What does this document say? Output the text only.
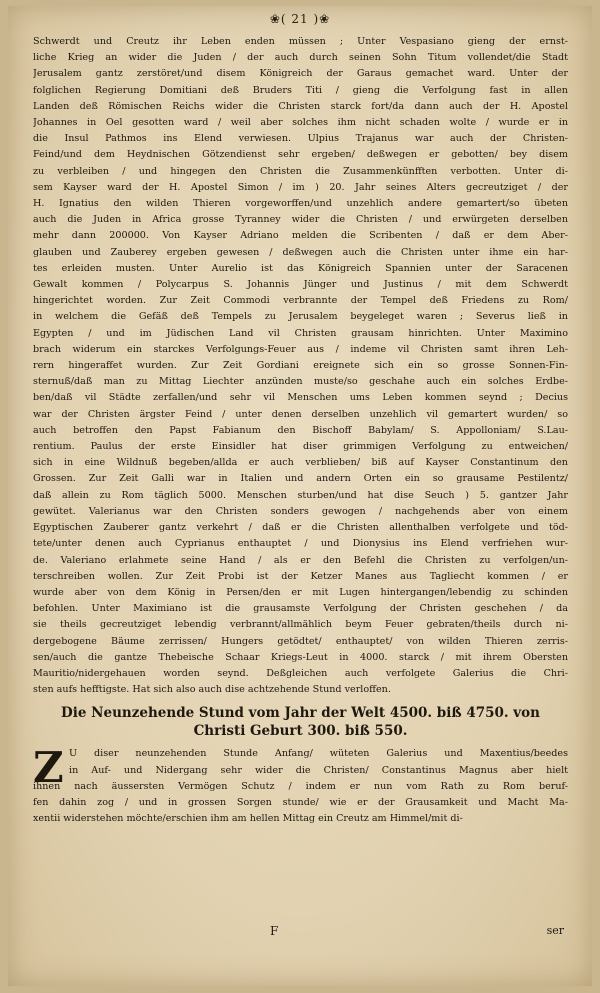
❀( 21 )❀
Schwerdt und Creutz ihr Leben enden müssen ; Unter Vespasiano gieng der ernst-
liche Krieg an wider die Juden / der auch durch seinen Sohn Titum vollendet/die Stadt
Jerusalem gantz zerstöret/und disem Königreich der Garaus gemachet ward. Unter der
folglichen Regierung Domitiani deß Bruders Titi / gieng die Verfolgung fast in allen
Landen deß Römischen Reichs wider die Christen starck fort/da dann auch der H. Apostel
Johannes in Oel gesotten ward / weil aber solches ihm nicht schaden wolte / wurde er in
die Insul Pathmos ins Elend verwiesen. Ulpius Trajanus war auch der Christen-
Feind/und dem Heydnischen Götzendienst sehr ergeben/ deßwegen er gebotten/ bey disem
zu verbleiben / und hingegen den Christen die Zusammenkünfften verbotten. Unter di-
sem Kayser ward der H. Apostel Simon / im ) 20. Jahr seines Alters gecreutziget / der
H. Ignatius den wilden Thieren vorgeworffen/und unzehlich andere gemartert/so übeten
auch die Juden in Africa grosse Tyranney wider die Christen / und erwürgeten derselben
mehr dann 200000. Von Kayser Adriano melden die Scribenten / daß er dem Aber-
glauben und Zauberey ergeben gewesen / deßwegen auch die Christen unter ihme ein har-
tes erleiden musten. Unter Aurelio ist das Königreich Spannien unter der Saracenen
Gewalt kommen / Polycarpus S. Johannis Jünger und Justinus / mit dem Schwerdt
hingerichtet worden. Zur Zeit Commodi verbrannte der Tempel deß Friedens zu Rom/
in welchem die Gefäß deß Tempels zu Jerusalem beygeleget waren ; Severus ließ in
Egypten / und im Jüdischen Land vil Christen grausam hinrichten. Unter Maximino
brach widerum ein starckes Verfolgungs-Feuer aus / indeme vil Christen samt ihren Leh-
rern hingeraffet wurden. Zur Zeit Gordiani ereignete sich ein so grosse Sonnen-Fin-
sternuß/daß man zu Mittag Liechter anzünden muste/so geschahe auch ein solches Erdbe-
ben/daß vil Städte zerfallen/und sehr vil Menschen ums Leben kommen seynd ; Decius
war der Christen ärgster Feind / unter denen derselben unzehlich vil gemartert wurden/ so
auch betroffen den Papst Fabianum den Bischoff Babylam/ S. Appolloniam/ S.Lau-
rentium. Paulus der erste Einsidler hat diser grimmigen Verfolgung zu entweichen/
sich in eine Wildnuß begeben/allda er auch verblieben/ biß auf Kayser Constantinum den
Grossen. Zur Zeit Galli war in Italien und andern Orten ein so grausame Pestilentz/
daß allein zu Rom täglich 5000. Menschen sturben/und hat dise Seuch ) 5. gantzer Jahr
gewütet. Valerianus war den Christen sonders gewogen / nachgehends aber von einem
Egyptischen Zauberer gantz verkehrt / daß er die Christen allenthalben verfolgete und töd-
tete/unter denen auch Cyprianus enthauptet / und Dionysius ins Elend verfriehen wur-
de. Valeriano erlahmete seine Hand / als er den Befehl die Christen zu verfolgen/un-
terschreiben wollen. Zur Zeit Probi ist der Ketzer Manes aus Tagliecht kommen / er
wurde aber von dem König in Persen/den er mit Lugen hintergangen/lebendig zu schinden
befohlen. Unter Maximiano ist die grausamste Verfolgung der Christen geschehen / da
sie theils gecreutziget lebendig verbrannt/allmählich beym Feuer gebraten/theils durch ni-
dergebogene Bäume zerrissen/ Hungers getödtet/ enthauptet/ von wilden Thieren zerris-
sen/auch die gantze Thebeische Schaar Kriegs-Leut in 4000. starck / mit ihrem Obersten
Mauritio/nidergehauen worden seynd. Deßgleichen auch verfolgete Galerius die Chri-
sten aufs hefftigste. Hat sich also auch dise achtzehende Stund verloffen.
Die Neunzehende Stund vom Jahr der Welt 4500. biß 4750. von
Christi Geburt 300. biß 550.
Z U diser neunzehenden Stunde Anfang/ wüteten Galerius und Maxentius/beedes
in Auf- und Nidergang sehr wider die Christen/ Constantinus Magnus aber hielt
ihnen nach äussersten Vermögen Schutz / indem er nun vom Rath zu Rom beruf-
fen dahin zog / und in grossen Sorgen stunde/ wie er der Grausamkeit und Macht Ma-
xentii widerstehen möchte/erschien ihm am hellen Mittag ein Creutz am Himmel/mit di-
F	ser
